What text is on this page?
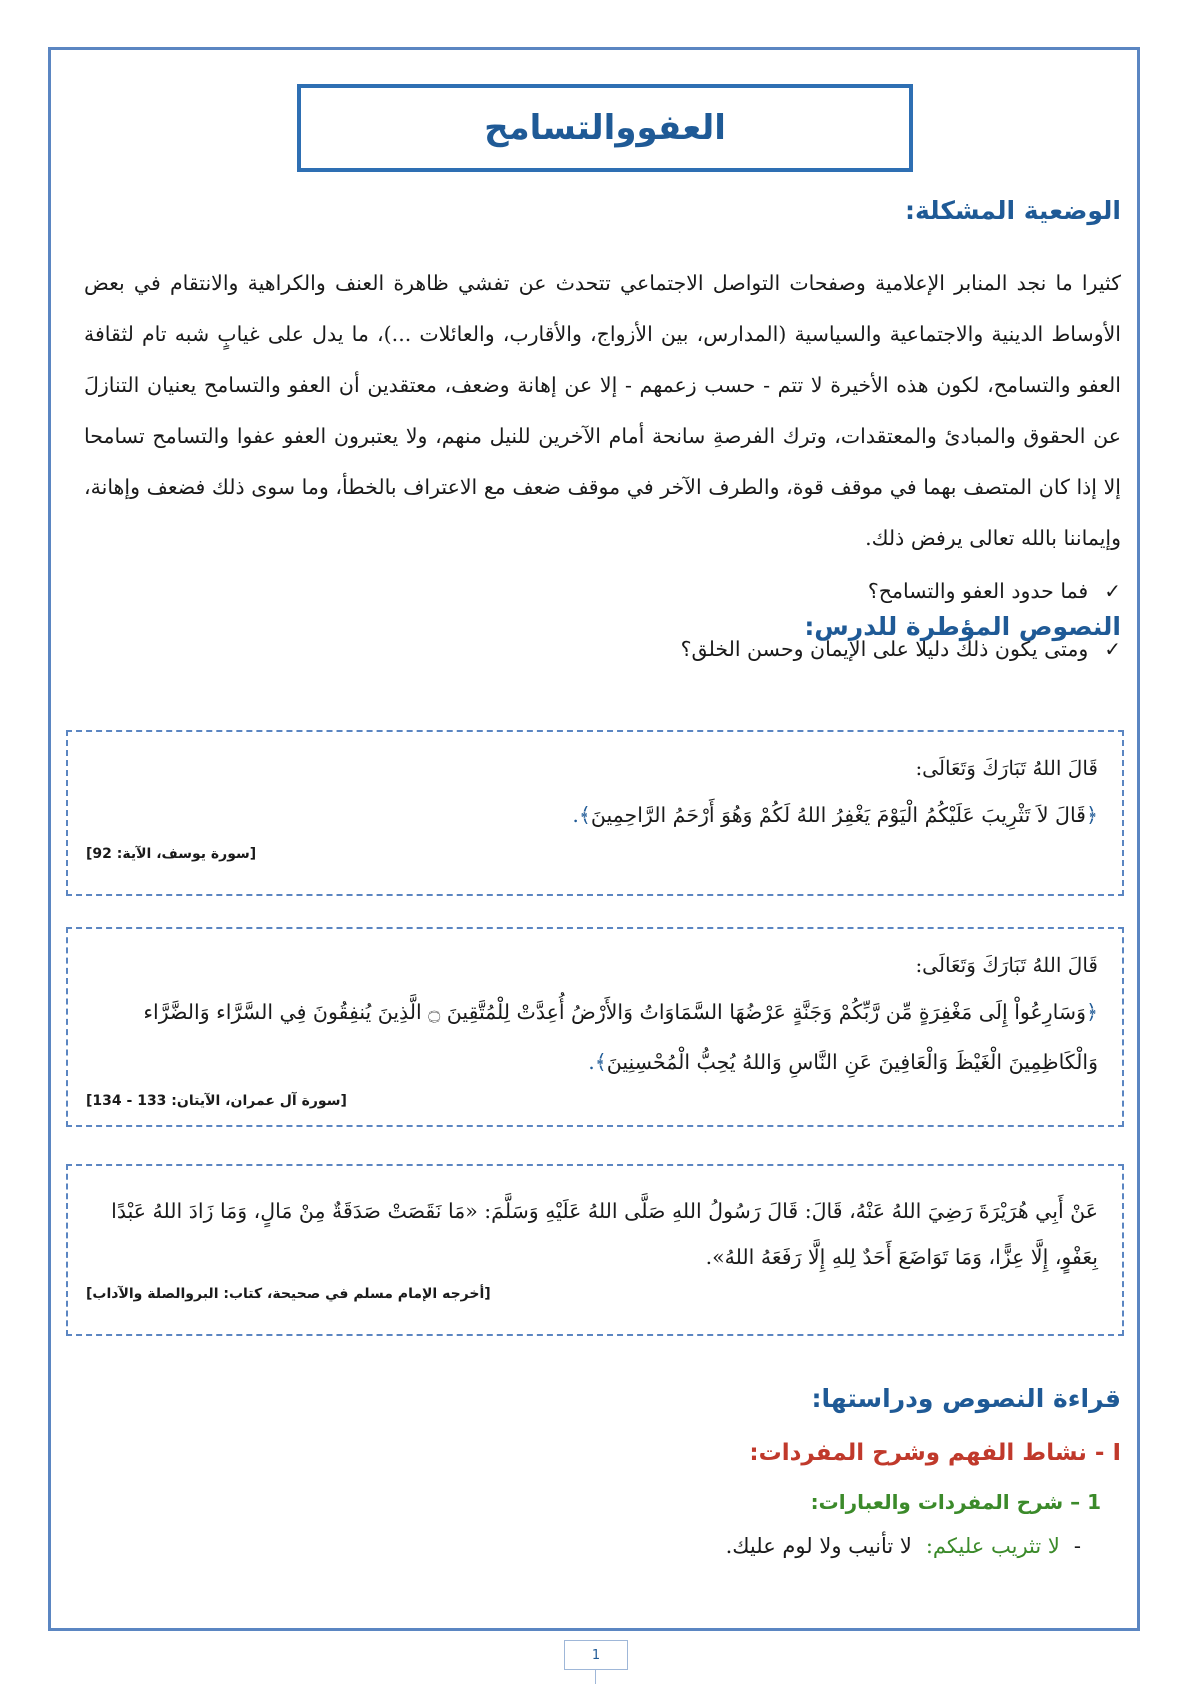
العفووالتسامح
الوضعية المشكلة:

كثيرا ما نجد المنابر الإعلامية وصفحات التواصل الاجتماعي تتحدث عن تفشي ظاهرة العنف والكراهية والانتقام في بعض الأوساط الدينية والاجتماعية والسياسية (المدارس، بين الأزواج، والأقارب، والعائلات ...)، ما يدل على غيابٍ شبه تام لثقافة العفو والتسامح، لكون هذه الأخيرة لا تتم - حسب زعمهم - إلا عن إهانة وضعف، معتقدين أن العفو والتسامح يعنيان التنازلَ عن الحقوق والمبادئ والمعتقدات، وترك الفرصةِ سانحة أمام الآخرين للنيل منهم، ولا يعتبرون العفو عفوا والتسامح تسامحا إلا إذا كان المتصف بهما في موقف قوة، والطرف الآخر في موقف ضعف مع الاعتراف بالخطأ، وما سوى ذلك فضعف وإهانة، وإيماننا بالله تعالى يرفض ذلك.

✓
فما حدود العفو والتسامح؟
✓
ومتى يكون ذلك دليلا على الإيمان وحسن الخلق؟
النصوص المؤطرة للدرس:

قَالَ اللهُ تَبَارَكَ وَتَعَالَى:

﴿قَالَ لاَ تَثْرِيبَ عَلَيْكُمُ الْيَوْمَ يَغْفِرُ اللهُ لَكُمْ وَهُوَ أَرْحَمُ الرَّاحِمِينَ﴾.

[سورة يوسف، الآية: 92]

قَالَ اللهُ تَبَارَكَ وَتَعَالَى:

﴿وَسَارِعُواْ إِلَى مَغْفِرَةٍ مِّن رَّبِّكُمْ وَجَنَّةٍ عَرْضُهَا السَّمَاوَاتُ وَالأَرْضُ أُعِدَّتْ لِلْمُتَّقِينَ ۝ الَّذِينَ يُنفِقُونَ فِي السَّرَّاء وَالضَّرَّاء وَالْكَاظِمِينَ الْغَيْظَ وَالْعَافِينَ عَنِ النَّاسِ وَاللهُ يُحِبُّ الْمُحْسِنِينَ﴾.

[سورة آل عمران، الآيتان: 133 - 134]

عَنْ أَبِي هُرَيْرَةَ رَضِيَ اللهُ عَنْهُ، قَالَ: قَالَ رَسُولُ اللهِ صَلَّى اللهُ عَلَيْهِ وَسَلَّمَ: «مَا نَقَصَتْ صَدَقَةٌ مِنْ مَالٍ، وَمَا زَادَ اللهُ عَبْدًا بِعَفْوٍ، إِلَّا عِزًّا، وَمَا تَوَاضَعَ أَحَدٌ لِلهِ إِلَّا رَفَعَهُ اللهُ».

[أخرجه الإمام مسلم في صحيحة، كتاب: البروالصلة والآداب]

قراءة النصوص ودراستها:
I - نشاط الفهم وشرح المفردات:
1 – شرح المفردات والعبارات:
-
لا تثريب عليكم:
لا تأنيب ولا لوم عليك.
1
